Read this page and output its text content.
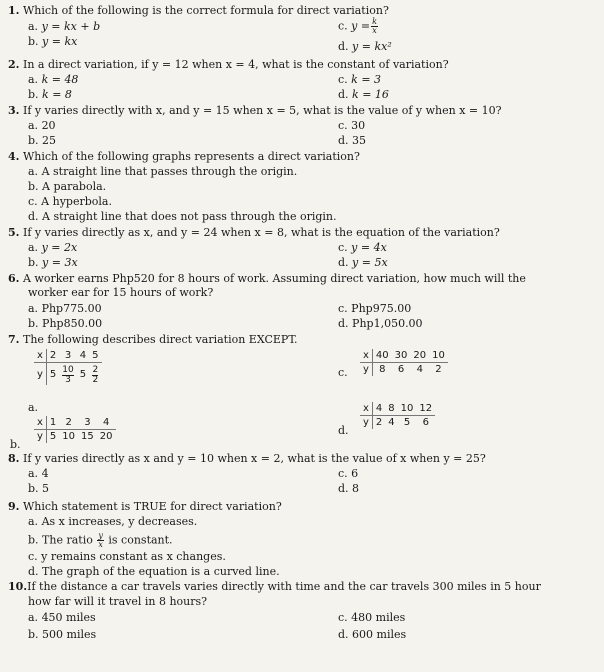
1. Which of the following is the correct formula for direct variation?
a. y = kx + b
b. y = kx
c. $y = \frac{k}{x}$
d. y = kx²
2. In a direct variation, if y = 12 when x = 4, what is the constant of variation?
a. k = 48
b. k = 8
c. k = 3
d. k = 16
3. If y varies directly with x, and y = 15 when x = 5, what is the value of y when x = 10?
a. 20
b. 25
c. 30
d. 35
4. Which of the following graphs represents a direct variation?
a. A straight line that passes through the origin.
b. A parabola.
c. A hyperbola.
d. A straight line that does not pass through the origin.
5. If y varies directly as x, and y = 24 when x = 8, what is the equation of the variation?
a. y = 2x
b. y = 3x
c. y = 4x
d. y = 5x
6. A worker earns Php520 for 8 hours of work. Assuming direct variation, how much will the
worker ear for 15 hours of work?
a. Php775.00
b. Php850.00
c. Php975.00
d. Php1,050.00
7. The following describes direct variation EXCEPT.
x	2	3	4	5
y	5	$\frac{10}{3}$	5	$\frac{2}{2}$
a.
x	1	2	3	4
y	5	10	15	20
b.
x	40	30	20	10
y	8	6	4	2
c.
x	4	8	10	12
y	2	4	5	6
d.
8. If y varies directly as x and y = 10 when x = 2, what is the value of x when y = 25?
a. 4
b. 5
c. 6
d. 8
9. Which statement is TRUE for direct variation?
a. As x increases, y decreases.
b. The ratio $\frac{y}{x}$ is constant.
c. y remains constant as x changes.
d. The graph of the equation is a curved line.
10.If the distance a car travels varies directly with time and the car travels 300 miles in 5 hour
how far will it travel in 8 hours?
a. 450 miles
b. 500 miles
c. 480 miles
d. 600 miles
